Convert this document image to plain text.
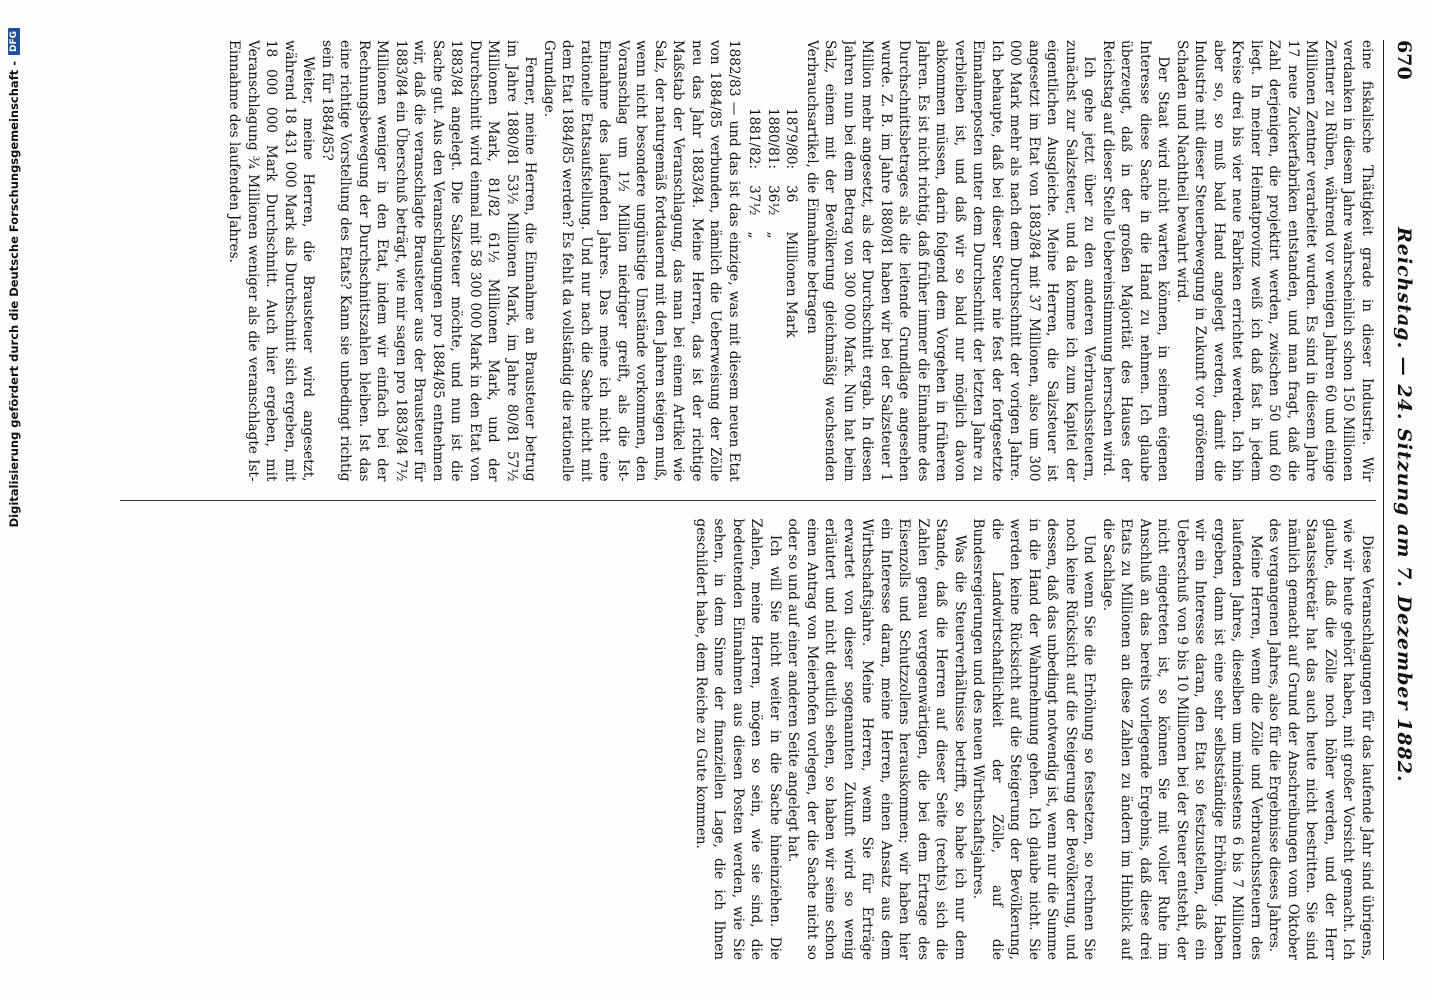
670
Reichstag. — 24. Sitzung am 7. Dezember 1882.

eine fiskalische Thätigkeit grade in dieser Industrie. Wir verdanken in diesem Jahre wahrscheinlich schon 150 Millionen Zentner zu Rüben, während vor wenigen Jahren 60 und einige Millionen Zentner verarbeitet wurden. Es sind in diesem Jahre 17 neue Zuckerfabriken entstanden, und man fragt, daß die Zahl derjenigen, die projektirt werden, zwischen 50 und 60 liegt. In meiner Heimatprovinz weiß ich daß fast in jedem Kreise drei bis vier neue Fabriken errichtet werden. Ich bin aber so, so muß bald Hand angelegt werden, damit die Industrie mit dieser Steuerbewegung in Zukunft vor größerem Schaden und Nachtheil bewahrt wird.

Der Staat wird nicht warten können, in seinem eigenen Interesse diese Sache in die Hand zu nehmen. Ich glaube überzeugt, daß in der großen Majorität des Hauses der Reichstag auf dieser Stelle Uebereinstimmung herrschen wird.

Ich gehe jetzt über zu den anderen Verbrauchssteuern, zunächst zur Salzsteuer, und da komme ich zum Kapitel der eigentlichen Ausgleiche. Meine Herren, die Salzsteuer ist angesetzt im Etat von 1883/84 mit 37 Millionen, also um 300 000 Mark mehr als nach dem Durchschnitt der vorigen Jahre. Ich behaupte, daß bei dieser Steuer nie fest der fortgesetzte Einnahmeposten unter dem Durchschnitt der letzten Jahre zu verbleiben ist, und daß wir so bald nur möglich davon abkommen müssen, darin folgend dem Vorgehen in früheren Jahren. Es ist nicht richtig, daß früher immer die Einnahme des Durchschnittsbetrages als die leitende Grundlage angesehen wurde. Z. B. im Jahre 1880/81 haben wir bei der Salzsteuer 1 Million mehr angesetzt, als der Durchschnitt ergab. In diesen Jahren nun bei dem Betrag von 300 000 Mark. Nun hat beim Salz, einem mit der Bevölkerung gleichmäßig wachsenden Verbrauchsartikel, die Einnahme betragen

1879/80:	36	Millionen Mark
1880/81:	36½	„
1881/82:	37½	„

1882/83 — und das ist das einzige, was mit diesem neuen Etat von 1884/85 verbunden, nämlich die Ueberweisung der Zölle neu das Jahr 1883/84. Meine Herren, das ist der richtige Maßstab der Veranschlagung, das man bei einem Artikel wie Salz, der naturgemäß fortdauernd mit den Jahren steigen muß, wenn nicht besondere ungünstige Umstände vorkommen, den Voranschlag um 1½ Million niedriger greift, als die Ist-Einnahme des laufenden Jahres. Das meine ich nicht eine rationelle Etatsaufstellung. Und nur nach die Sache nicht mit dem Etat 1884/85 werden? Es fehlt da vollständig die rationelle Grundlage.

Ferner, meine Herren, die Einnahme an Brausteuer betrug im Jahre 1880/81 53½ Millionen Mark, im Jahre 80/81 57½ Millionen Mark, 81/82 61½ Millionen Mark, und der Durchschnitt wird einmal mit 58 300 000 Mark in den Etat von 1883/84 angelegt. Die Salzsteuer möchte, und nun ist die Sache gut. Aus den Veranschlagungen pro 1884/85 entnehmen wir, daß die veranschlagte Brausteuer aus der Brausteuer für 1883/84 ein Überschuß beträgt, wie mir sagen pro 1883/84 7½ Millionen weniger in den Etat, indem wir einfach bei der Rechnungsbewegung der Durchschnittszahlen bleiben. Ist das eine richtige Vorstellung des Etats? Kann sie unbedingt richtig sein für 1884/85?

Weiter, meine Herren, die Brausteuer wird angesetzt, während 18 431 000 Mark als Durchschnitt sich ergeben, mit 18 000 000 Mark Durchschnitt. Auch hier ergeben, mit Veranschlagung ¾ Millionen weniger als die veranschlagte Ist-Einnahme des laufenden Jahres.

Diese Veranschlagungen für das laufende Jahr sind übrigens, wie wir heute gehört haben, mit großer Vorsicht gemacht. Ich glaube, daß die Zölle noch höher werden, und der Herr Staatssekretär hat das auch heute nicht bestritten. Sie sind nämlich gemacht auf Grund der Anschreibungen vom Oktober des vergangenen Jahres, also für die Ergebnisse dieses Jahres.

Meine Herren, wenn die Zölle und Verbrauchssteuern des laufenden Jahres, dieselben um mindestens 6 bis 7 Millionen ergeben, dann ist eine sehr selbstständige Erhöhung. Haben wir ein Interesse daran, den Etat so festzustellen, daß ein Ueberschuß von 9 bis 10 Millionen bei der Steuer entsteht, der nicht eingetreten ist, so können Sie mit voller Ruhe im Anschluß an das bereits vorliegende Ergebnis, daß diese drei Etats zu Millionen an diese Zahlen zu ändern im Hinblick auf die Sachlage.

Und wenn Sie die Erhöhung so festsetzen, so rechnen Sie noch keine Rücksicht auf die Steigerung der Bevölkerung, und dessen, daß das unbedingt notwendig ist, wenn nur die Summe in die Hand der Wahrnehmung gehen. Ich glaube nicht. Sie werden keine Rücksicht auf die Steigerung der Bevölkerung, die Landwirtschaftlichkeit der Zölle, auf die Bundesregierungen und des neuen Wirthschaftsjahres.

Was die Steuerverhältnisse betrifft, so habe ich nur dem Stande, daß die Herren auf dieser Seite (rechts) sich die Zahlen genau vergegenwärtigen, die bei dem Ertrage des Eisenzolls und Schutzzollens herauskommen; wir haben hier ein Interesse daran, meine Herren, einen Ansatz aus dem Wirthschaftsjahre. Meine Herren, wenn Sie für Erträge erwartet von dieser sogenannten Zukunft wird so wenig erläutert und nicht deutlich sehen, so haben wir seine schon einen Antrag von Meierhofen vorlegen, der die Sache nicht so oder so und auf einer anderen Seite angelegt hat.

Ich will Sie nicht weiter in die Sache hineinziehen. Die Zahlen, meine Herren, mögen so sein, wie sie sind, die bedeutenden Einnahmen aus diesen Posten werden, wie Sie sehen, in dem Sinne der finanziellen Lage, die ich Ihnen geschildert habe, dem Reiche zu Gute kommen.

Digitalisierung gefördert durch die Deutsche Forschungsgemeinschaft -
DFG
